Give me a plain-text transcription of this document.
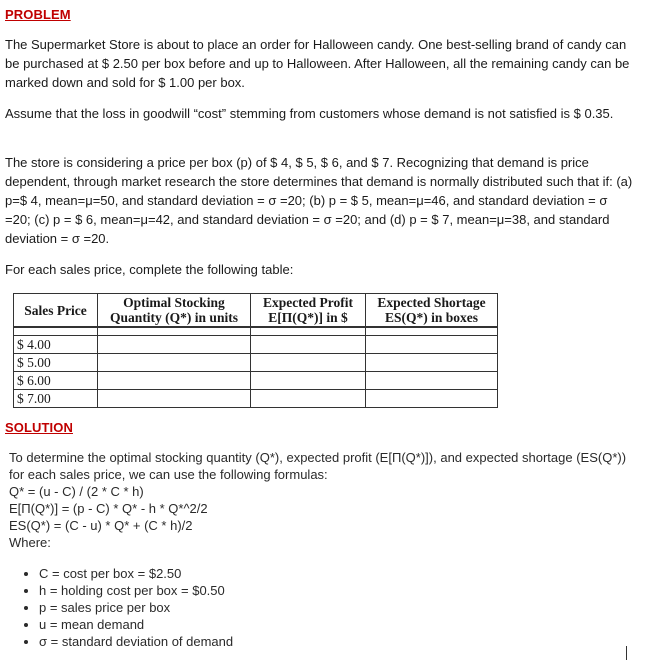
PROBLEM
The Supermarket Store is about to place an order for Halloween candy. One best-selling brand of candy can be purchased at $ 2.50 per box before and up to Halloween. After Halloween, all the remaining candy can be marked down and sold for $ 1.00 per box.
Assume that the loss in goodwill “cost” stemming from customers whose demand is not satisfied is $ 0.35.
The store is considering a price per box (p) of $ 4, $ 5, $ 6, and $ 7. Recognizing that demand is price dependent, through market research the store determines that demand is normally distributed such that if: (a) p=$ 4, mean=μ=50, and standard deviation = σ =20; (b) p = $ 5, mean=μ=46, and standard deviation = σ =20; (c) p = $ 6, mean=μ=42, and standard deviation = σ =20; and (d) p = $ 7, mean=μ=38, and standard deviation = σ =20.
For each sales price, complete the following table:
Sales Price	Optimal Stocking Quantity (Q*) in units	Expected Profit E[Π(Q*)] in $	Expected Shortage ES(Q*) in boxes

$ 4.00			
$ 5.00			
$ 6.00			
$ 7.00			
SOLUTION
To determine the optimal stocking quantity (Q*), expected profit (E[Π(Q*)]), and expected shortage (ES(Q*)) for each sales price, we can use the following formulas:
Q* = (u - C) / (2 * C * h)
E[Π(Q*)] = (p - C) * Q* - h * Q*^2/2
ES(Q*) = (C - u) * Q* + (C * h)/2
Where:
• C = cost per box = $2.50
• h = holding cost per box = $0.50
• p = sales price per box
• u = mean demand
• σ = standard deviation of demand
